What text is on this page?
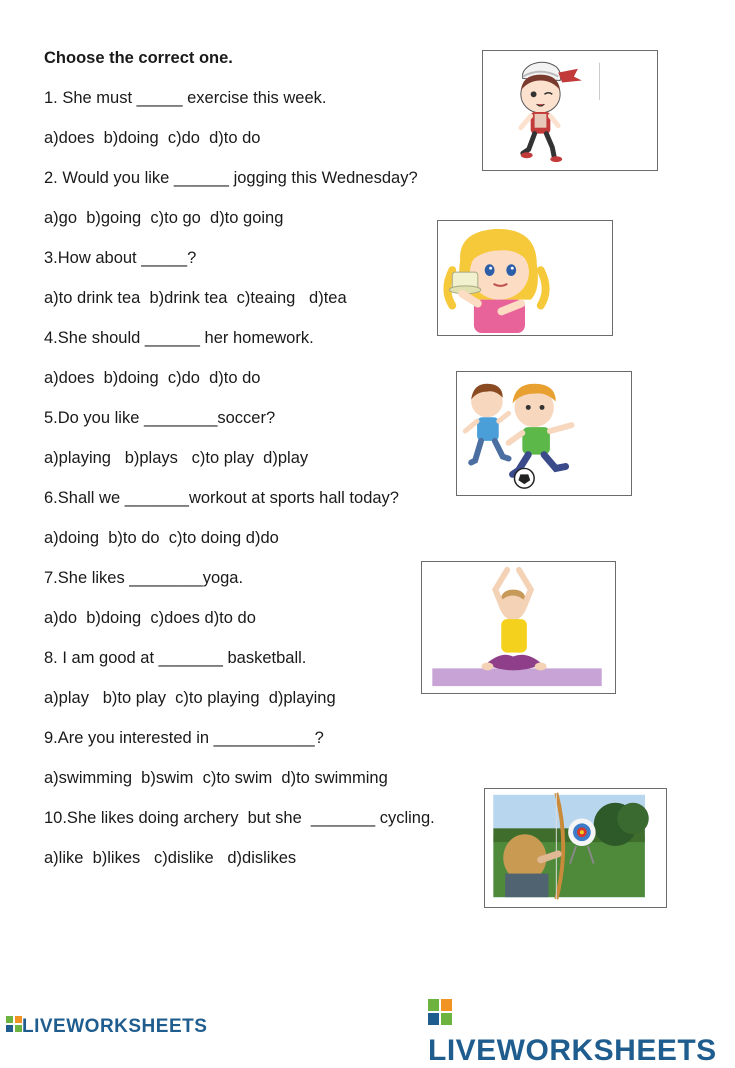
Choose the correct one.
1. She must _____ exercise this week.
a)does  b)doing  c)do  d)to do
2. Would you like ______ jogging this Wednesday?
a)go  b)going  c)to go  d)to going
3.How about _____?
a)to drink tea  b)drink tea  c)teaing   d)tea
4.She should ______ her homework.
a)does  b)doing  c)do  d)to do
5.Do you like ________soccer?
a)playing   b)plays   c)to play  d)play
6.Shall we _______workout at sports hall today?
a)doing  b)to do  c)to doing d)do
7.She likes ________yoga.
a)do  b)doing  c)does d)to do
8. I am good at _______ basketball.
a)play   b)to play  c)to playing  d)playing
9.Are you interested in ___________?
a)swimming  b)swim  c)to swim  d)to swimming
10.She likes doing archery  but she  _______ cycling.
a)like  b)likes   c)dislike   d)dislikes
LIVEWORKSHEETS
LIVEWORKSHEETS
